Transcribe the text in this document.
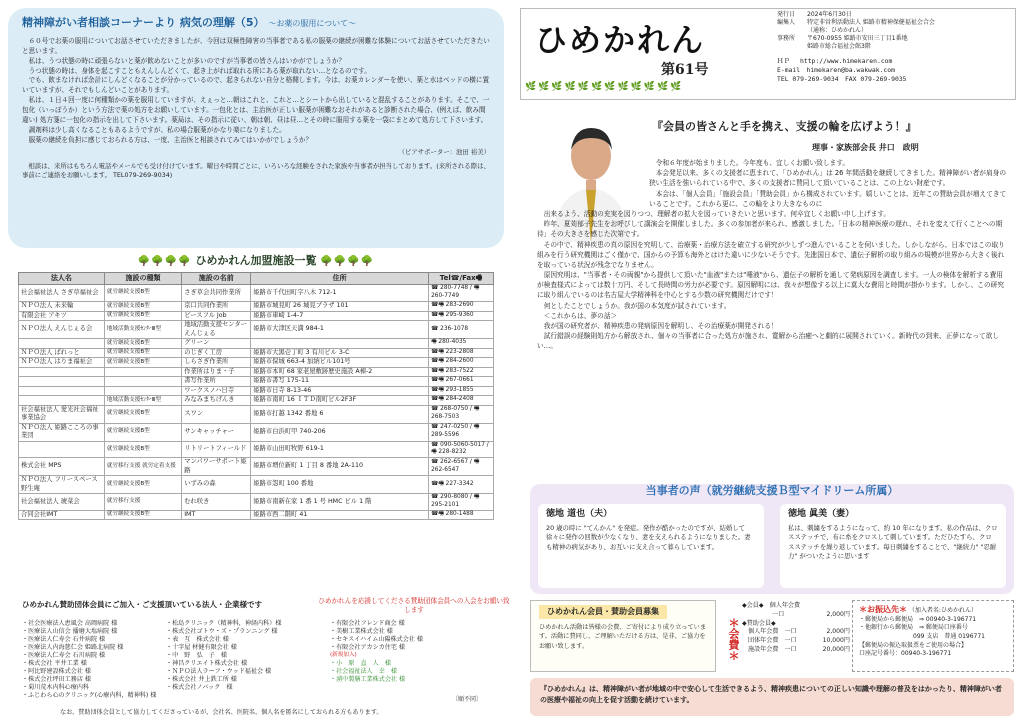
精神障がい者相談コーナーより 病気の理解（5） ～お薬の服用について～

６０号でお薬の服用についてお話させていただきましたが、今回は双極性障害の当事者である私の服薬の継続が困難な体験についてお話させていただきたいと思います。

私は、うつ状態の時に頑張らないと薬が飲めないことが多いのですが当事者の皆さんはいかがでしょうか？

うつ状態の時は、身体を起こすこともえんしんどくて、起き上がれば取れる所にある薬が取れない…となるのです。

でも、飲まなければ余計にしんどくなることが分かっているので、起きられない自分と格闘します。今は、お薬カレンダーを使い、薬と水はベッドの横に置いていますが、それでもしんどいことがあります。

私は、１日４回一度に何種類かの薬を服用していますが、えぇっと…朝はこれと、これと…とシートから出していると混乱することがあります。そこで、一包化（いっぽうか）という方法で薬の処方をお願いしています。一包化とは、主治医が正しい服薬が困難なおそれがあると診断された場合、(例えば、飲み間違い) 処方箋に一包化の指示を出して下さいます。薬局は、その指示に従い、朝は朝、昼は昼…とその時に服用する薬を一袋にまとめて処方して下さいます。

調剤料は少し高くなることもあるようですが、私の場合服薬がかなり楽になりました。

服薬の継続を負担に感じておられる方は、一度、主治医と相談されてみてはいかがでしょうか？

（ピアサポーター：池田 裕美）
相談は、来所はもちろん電話やメールでも受け付けています。曜日や時間ごとに、いろいろな経験をされた家族や当事者が担当しております。(来所される際は、事前にご連絡をお願いします。 TEL079-269-9034)
🌳🌳🌳🌳 ひめかれん加盟施設一覧 🌳🌳🌳🌳
法人名	施設の種類	施設の名前	住所	Tel☎/Fax🖷
社会福祉法人 さぎ草福祉会	就労継続支援B型	さぎ草会共同作業所	姫路市千代田町字八木 712-1	☎ 280-7748 / 🖷 260-7749
ＮＰＯ法人 未来輪	就労継続支援B型	京口共同作業所	姫路市城見町 26 城見ブラザ 101	☎🖷 283-2690
有限会社 アキツ	就労継続支援B型	ピースフル Job	姫路市車崎 1-4-7	☎🖷 295-9360
ＮＰＯ法人 えんじぇる会	地域活動支援ｾﾝﾀｰⅢ型	地域活動支援センターえんじぇる	姫路市大津区天満 984-1	☎ 236-1078
	就労継続支援B型	グリーン		🖷 280-4035
ＮＰＯ法人 ぱれっと	就労継続支援B型	のじぎく工房	姫路市大黒壱丁町 3 有川ビル 3-C	☎🖷 223-2808
ＮＰＯ法人 はりま福祉会	就労継続支援B型	しらさぎ作業所	姫路市保城 663-4 加納ビル101号	☎🖷 284-2600
		作業所はりま・子	姫路市本町 68 家老屋敷跡歴史施設 A棟-2	☎🖷 283-7522
		書写作業所	姫路市書写 175-11	☎🖷 267-0661
		ワークスノハ日寺	姫路市日寺 8-13-46	☎🖷 293-1855
	地域活動支援ｾﾝﾀｰⅢ型	みなみまちげんき	姫路市南町 16 ＩＴＤ南町ビル2F3F	☎🖷 284-2408
社会福祉法人 愛光社会福祉事業協会	就労継続支援B型	スワン	姫路市打越 1342 番地 6	☎ 268-0750 / 🖷 268-7503
ＮＰＯ法人 姫路こころの事業団	就労継続支援B型	サンキャッチャー	姫路市白浜町甲 740-206	☎ 247-0250 / 🖷 289-5596
	就労継続支援B型	リトリートフィールド	姫路市山田町牧野 619-1	☎ 090-5060-5017 / 🖷 228-8232
株式会社 MPS	就労移行支援 就労定着支援	マンパワーサポート姫路	姫路市増位新町 1 丁目 8 番地 2A-110	☎ 262-6567 / 🖷 262-6547
ＮＰＯ法人 フリースペース野生庵	就労継続支援B型	いずみの森	姫路市怨町 100 番地	☎🖷 227-3342
社会福祉法人 琥菜会	就労移行支援	むれ咲き	姫路市南新在家 1 番 1 号 HMC ビル 1 階	☎ 290-8080 / 🖷 295-2101
合同会社IMT	就労継続支援B型	IMT	姫路市西二階町 41	☎🖷 280-1488
ひめかれん賛助団体会員にご加入・ご支援頂いている法人・企業様です	ひめかれんを応援してくださる賛助団体会員への入会をお願い致します
・社会医療法人恵風会 高岡病院 様
・医療法人山信会 播磨大塩病院 様
・医療法人仁寿会 石井病院 様
・医療法人内海慈仁会 姫路北病院 様
・医療法人仁寿会 石川病院 様
・株式会社 平井工業 様
・阿比野建設株式会社 様
・株式会社坪田工務店 様
・菊川荒木内科心療内科
・ふじわら心のクリニック(心療内科，精神科) 様
・松島クリニック（精神科，神経内科）様
・株式会社ゴトウ・ズ・プランニング 様
・表　互　株式会社 様
・十字屋 材健有限会社 様
・中　野　弘　子　様
・神昌クリエイト株式会社 様
・ＮＰＯ法人ラーフ・ウッド福祉会 様
・株式会社 井上鉄工所 様
・株式会社ノバック　様
・有限会社フレンド商会 様
・美樹工業株式会社 様
・セキスイハイム山陽株式会社 様
・有限会社アカシカ住宅 様
(新規加入)
・小　原　直　人　様
・社会福祉法人　幸　様
・湧中製膳工業株式会社 様
〔順不同〕
なお、賛助団体会員として協力してくださっているが、会社名、医院名、個人名を匿名にしておられる方もあります。
ひめかれん
第61号
🌿🌿🌿🌿🌿🌿🌿🌿🌿🌿🌿🌿
発行日	2024年6月30日
編集人	特定非営利活動法人 姫路市精神保健福祉会合会
（通称：ひめかれん）
事務所	〒670-0955 姫路市安田三丁目1番地
姫路市総合福祉会館3階
ＨＰ　 http://www.himekaren.com
E-mail　himekaren@ba.wakwak.com
TEL 079-269-9034　FAX 079-269-9035
『会員の皆さんと手を携え、支援の輪を広げよう！』
理事・家族部会長 井口　政明

令和６年度が始まりました。今年度も、宜しくお願い致します。

本会発足以来、多くの支援者に恵まれて、「ひめかれん」は 26 年間活動を継続してきました。精神障がい者が肩身の狭い生活を強いられている中で、多くの支援者に賛同して頂いていることは、この上ない財産です。

本会は、「個人会員」「施設会員」「賛助会員」から構成されています。嬉しいことは、近年この賛助会員が増えてきていることです。これから更に、この輪をより大きなものに

出来るよう、活動の充実を図りつつ、理解者の拡大を図っていきたいと思います。何卒宜しくお願い申し上げます。

昨年、夏苅郁子先生をお呼びして講演会を開催しました。多くの参加者が来られ、感激しました。「日本の精神医療の遅れ、それを変えて行くことへの期待」その大きさを感じた次第です。

その中で、精神疾患の真の原因を究明して、治療薬・治療方法を確立する研究が少しずつ進んでいることを伺いました。しかしながら、日本ではこの取り組みを行う研究機関はごく僅かで、国からの予算も海外とはけた違いに少ないそうです。先進国日本で、遺伝子解析の取り組みの規模が世界から大きく後れを取っている状況が残念でなりません。

原因究明は、"当事者・その両親"から提供して頂いた"血液"または"唾液"から、遺伝子の解析を通して発病原因を調査します。一人の検体を解析する費用が検査様式によっては数十万円、そして長時間の労力が必要です。原因解明には、我々が想像する以上に莫大な費用と時間が掛かります。しかし、この研究に取り組んでいるのは名古屋大学精神科を中心とする少数の研究機関だけです！

何としたことでしょうか。我が国の本気度が試されています。

＜これからは、夢の話＞

我が国の研究者が、精神疾患の発病原因を解明し、その治療薬が開発される！

試行錯誤の経験則処方から解放され、個々の当事者に合った処方が施され、寛解から治癒へと劇的に展開されていく。新時代の到来、正夢になって欲しい…。

当事者の声（就労継続支援Ｂ型マイドリーム所属）
徳地 道也（夫）

20 歳の時に "てんかん" を発症。発作が酷かったのですが、結婚して徐々に発作の回数が少なくなり、妻を支えられるようになりました。妻も精神の病気があり、お互いに支え合って暮らしています。

徳地 眞美（妻）

私は、刺繍をするようになって、約 10 年になります。私の作品は、クロスステッチで、布に糸をクロスして刺しています。ただひたすら、クロスステッチを繰り返しています。毎日刺繍をすることで、"継続力" "忍耐力" がついたように思います

ひめかれん会員・賛助会員募集
ひめかれん活動は皆様の会費、ご寄付により成り立っています。活動に賛同し、ご理解いただける方は、是非、ご協力をお願い致します。	＊会費＊
◆会員◆　個人年会費
一口	2,000円
◆賛助会員◆
個人年会費　一口	2,000円
団体年会費　一口	10,000円
施設年会費　一口	20,000円
＊お振込先＊ （加入者名:ひめかれん）
・郵便局から郵便局　⇒ 00940-3-196771
・他銀行から郵便局　⇒ 郵便局口座番号
　　　　　　　　　099 支店　普通 0196771
【郵便局の振込取扱票をご使用の場合】
口座記号番号：00940-3-196771
『ひめかれん』は、精神障がい者が地域の中で安心して生活できるよう、精神疾患についての正しい知識や理解の普及をはかったり、精神障がい者の医療や福祉の向上を促す活動を続けています。
